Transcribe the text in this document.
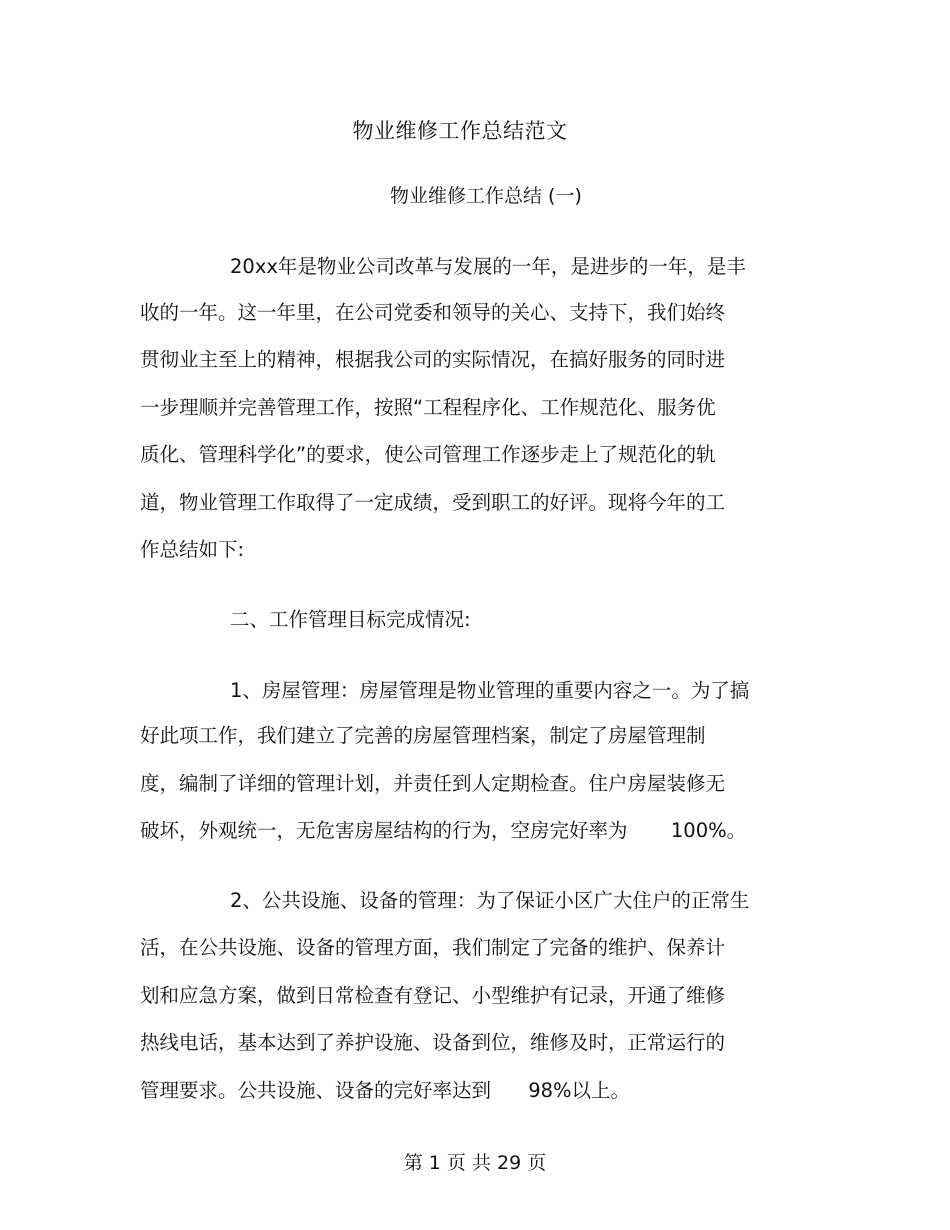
物业维修工作总结范文
物业维修工作总结 (一)
20xx年是物业公司改革与发展的一年，是进步的一年，是丰
收的一年。这一年里，在公司党委和领导的关心、支持下，我们始终
贯彻业主至上的精神，根据我公司的实际情况，在搞好服务的同时进
一步理顺并完善管理工作，按照“工程程序化、工作规范化、服务优
质化、管理科学化”的要求，使公司管理工作逐步走上了规范化的轨
道，物业管理工作取得了一定成绩，受到职工的好评。现将今年的工
作总结如下:
二、工作管理目标完成情况:
1、房屋管理：房屋管理是物业管理的重要内容之一。为了搞
好此项工作，我们建立了完善的房屋管理档案，制定了房屋管理制
度，编制了详细的管理计划，并责任到人定期检查。住户房屋装修无
破坏，外观统一，无危害房屋结构的行为，空房完好率为       100%。
2、公共设施、设备的管理：为了保证小区广大住户的正常生
活，在公共设施、设备的管理方面，我们制定了完备的维护、保养计
划和应急方案，做到日常检查有登记、小型维护有记录，开通了维修
热线电话，基本达到了养护设施、设备到位，维修及时，正常运行的
管理要求。公共设施、设备的完好率达到      98%以上。
第 1 页 共 29 页
